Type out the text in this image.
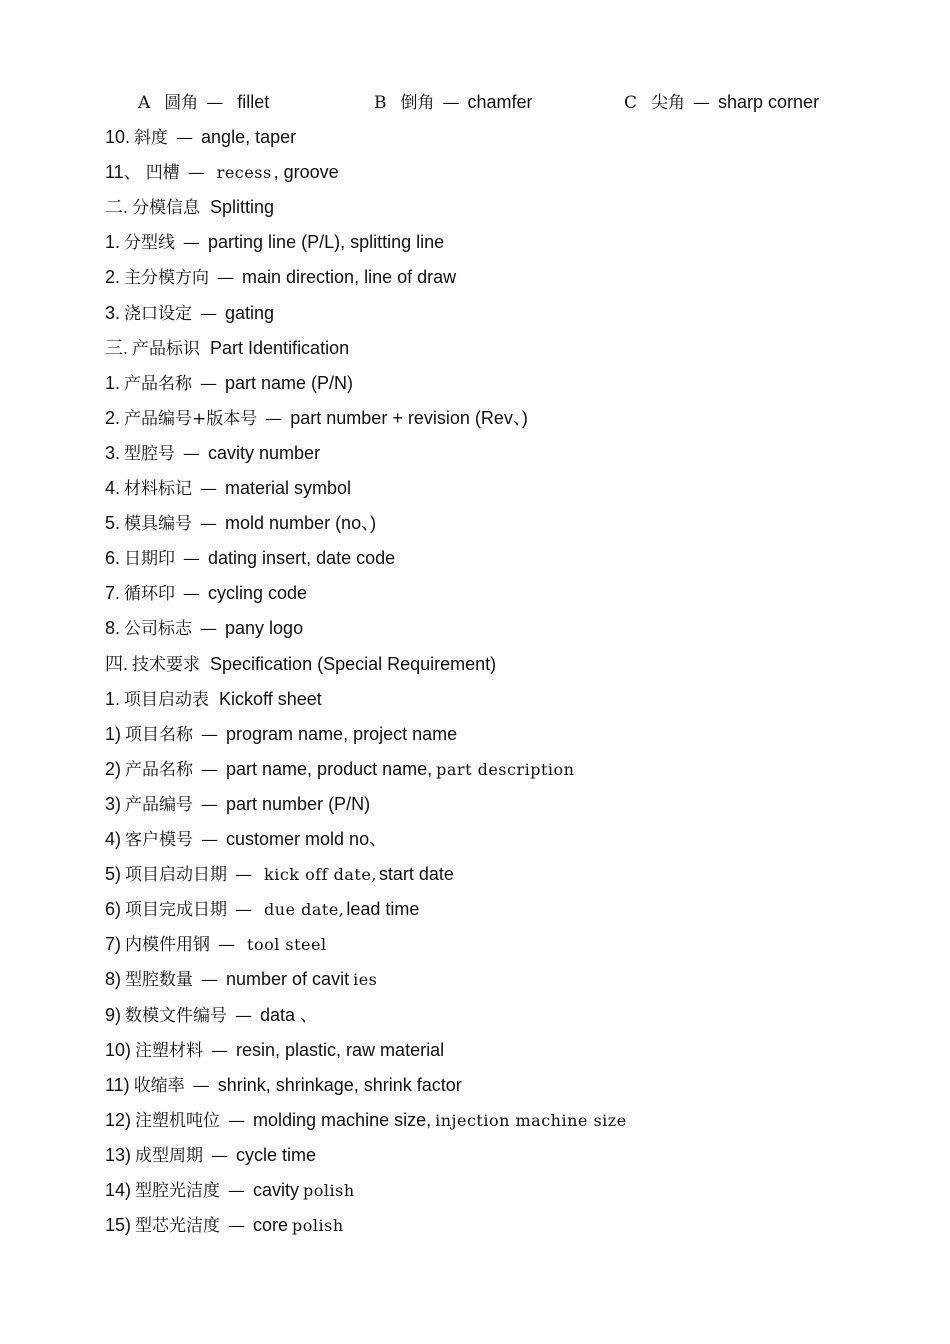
A 圆角 — fillet	B 倒角 — chamfer	C 尖角 — sharp corner
10. 斜度 — angle, taper
11、 凹槽 — recess , groove
二. 分模信息 Splitting
1. 分型线 — parting line (P/L), splitting line
2. 主分模方向 — main direction, line of draw
3. 浇口设定 — gating
三. 产品标识 Part Identification
1. 产品名称 — part name (P/N)
2. 产品编号+版本号 — part number + revision (Rev、)
3. 型腔号 — cavity number
4. 材料标记 — material symbol
5. 模具编号 — mold number (no、)
6. 日期印 — dating insert, date code
7. 循环印 — cycling code
8. 公司标志 — pany logo
四. 技术要求 Specification (Special Requirement)
1. 项目启动表 Kickoff sheet
1) 项目名称 — program name, project name
2) 产品名称 — part name, product name, part description
3) 产品编号 — part number (P/N)
4) 客户模号 — customer mold no、
5) 项目启动日期 — kick off date, start date
6) 项目完成日期 — due date, lead time
7) 内模件用钢 — tool steel
8) 型腔数量 — number of cavit ies
9) 数模文件编号 — data 、
10) 注塑材料 — resin, plastic, raw material
11) 收缩率 — shrink, shrinkage, shrink factor
12) 注塑机吨位 — molding machine size, injection machine size
13) 成型周期 — cycle time
14) 型腔光洁度 — cavity polish
15) 型芯光洁度 — core polish
